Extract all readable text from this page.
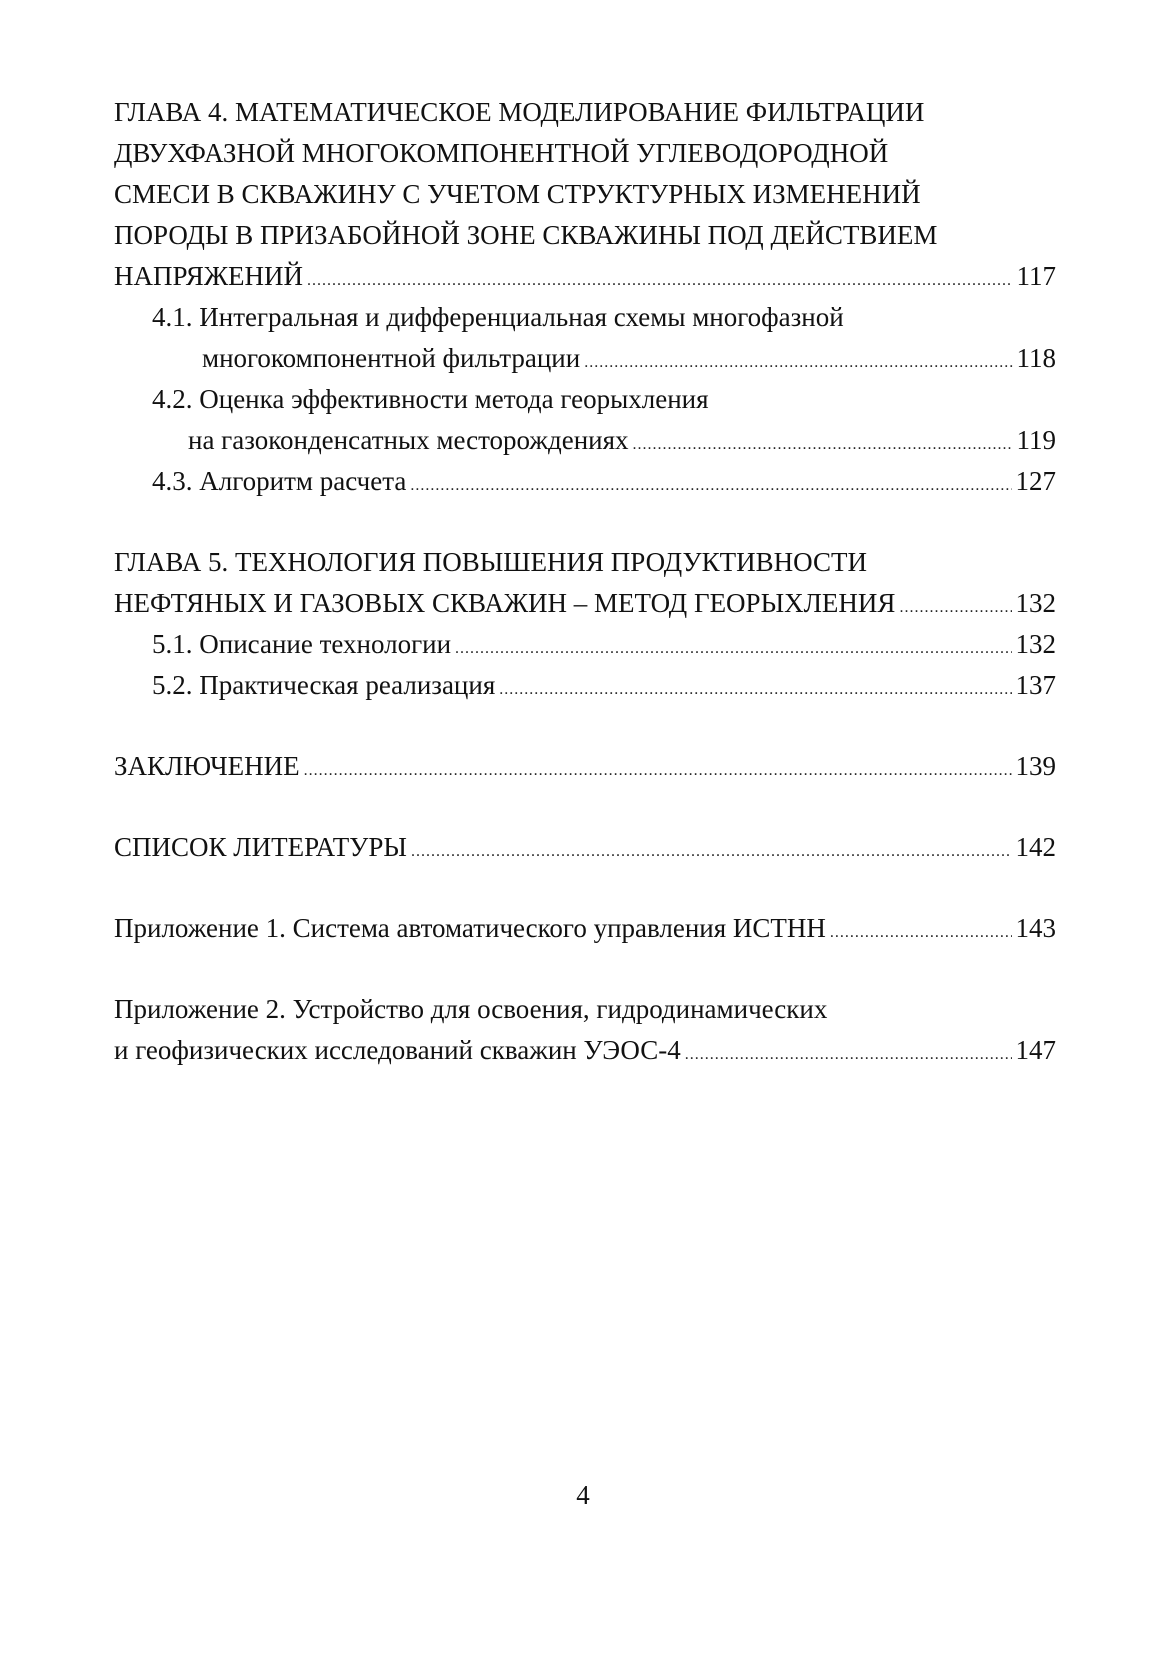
ГЛАВА 4. МАТЕМАТИЧЕСКОЕ МОДЕЛИРОВАНИЕ ФИЛЬТРАЦИИ
ДВУХФАЗНОЙ МНОГОКОМПОНЕНТНОЙ УГЛЕВОДОРОДНОЙ
СМЕСИ В СКВАЖИНУ С УЧЕТОМ СТРУКТУРНЫХ ИЗМЕНЕНИЙ
ПОРОДЫ В ПРИЗАБОЙНОЙ ЗОНЕ СКВАЖИНЫ ПОД ДЕЙСТВИЕМ
НАПРЯЖЕНИЙ .....	117
4.1. Интегральная и дифференциальная схемы многофазной
многокомпонентной фильтрации .....	118
4.2. Оценка эффективности метода георыхления
на газоконденсатных месторождениях .....	119
4.3. Алгоритм расчета .....	127
ГЛАВА 5. ТЕХНОЛОГИЯ ПОВЫШЕНИЯ ПРОДУКТИВНОСТИ
НЕФТЯНЫХ И ГАЗОВЫХ СКВАЖИН – МЕТОД ГЕОРЫХЛЕНИЯ .....	132
5.1. Описание технологии .....	132
5.2. Практическая реализация .....	137
ЗАКЛЮЧЕНИЕ .....	139
СПИСОК ЛИТЕРАТУРЫ .....	142
Приложение 1. Система автоматического управления ИСТНН .....	143
Приложение 2. Устройство для освоения, гидродинамических
и геофизических исследований скважин УЭОС-4 .....	147
4
